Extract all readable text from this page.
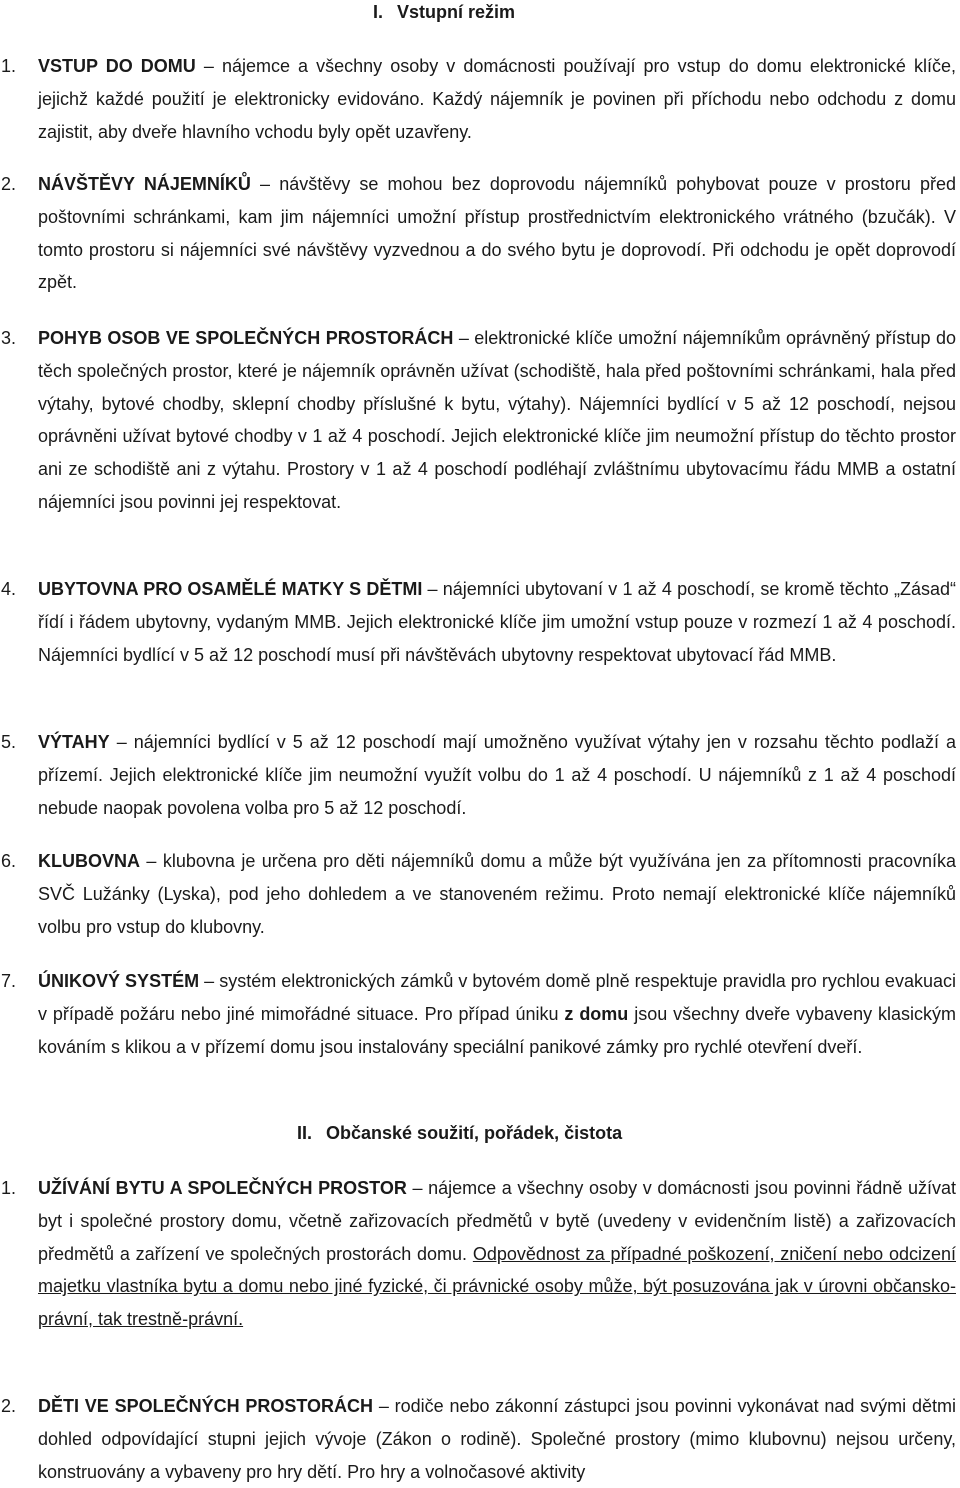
I. Vstupní režim
1. VSTUP DO DOMU – nájemce a všechny osoby v domácnosti používají pro vstup do domu elektronické klíče, jejichž každé použití je elektronicky evidováno. Každý nájemník je povinen při příchodu nebo odchodu z domu zajistit, aby dveře hlavního vchodu byly opět uzavřeny.
2. NÁVŠTĚVY NÁJEMNÍKŮ – návštěvy se mohou bez doprovodu nájemníků pohybovat pouze v prostoru před poštovními schránkami, kam jim nájemníci umožní přístup prostřednictvím elektronického vrátného (bzučák). V tomto prostoru si nájemníci své návštěvy vyzvednou a do svého bytu je doprovodí. Při odchodu je opět doprovodí zpět.
3. POHYB OSOB VE SPOLEČNÝCH PROSTORÁCH – elektronické klíče umožní nájemníkům oprávněný přístup do těch společných prostor, které je nájemník oprávněn užívat (schodiště, hala před poštovními schránkami, hala před výtahy, bytové chodby, sklepní chodby příslušné k bytu, výtahy). Nájemníci bydlící v 5 až 12 poschodí, nejsou oprávněni užívat bytové chodby v 1 až 4 poschodí. Jejich elektronické klíče jim neumožní přístup do těchto prostor ani ze schodiště ani z výtahu. Prostory v 1 až 4 poschodí podléhají zvláštnímu ubytovacímu řádu MMB a ostatní nájemníci jsou povinni jej respektovat.
4. UBYTOVNA PRO OSAMĚLÉ MATKY S DĚTMI – nájemníci ubytovaní v 1 až 4 poschodí, se kromě těchto „Zásad“ řídí i řádem ubytovny, vydaným MMB. Jejich elektronické klíče jim umožní vstup pouze v rozmezí 1 až 4 poschodí. Nájemníci bydlící v 5 až 12 poschodí musí při návštěvách ubytovny respektovat ubytovací řád MMB.
5. VÝTAHY – nájemníci bydlící v 5 až 12 poschodí mají umožněno využívat výtahy jen v rozsahu těchto podlaží a přízemí. Jejich elektronické klíče jim neumožní využít volbu do 1 až 4 poschodí. U nájemníků z 1 až 4 poschodí nebude naopak povolena volba pro 5 až 12 poschodí.
6. KLUBOVNA – klubovna je určena pro děti nájemníků domu a může být využívána jen za přítomnosti pracovníka SVČ Lužánky (Lyska), pod jeho dohledem a ve stanoveném režimu. Proto nemají elektronické klíče nájemníků volbu pro vstup do klubovny.
7. ÚNIKOVÝ SYSTÉM – systém elektronických zámků v bytovém domě plně respektuje pravidla pro rychlou evakuaci v případě požáru nebo jiné mimořádné situace. Pro případ úniku z domu jsou všechny dveře vybaveny klasickým kováním s klikou a v přízemí domu jsou instalovány speciální panikové zámky pro rychlé otevření dveří.
II. Občanské soužití, pořádek, čistota
1. UŽÍVÁNÍ BYTU A SPOLEČNÝCH PROSTOR – nájemce a všechny osoby v domácnosti jsou povinni řádně užívat byt i společné prostory domu, včetně zařizovacích předmětů v bytě (uvedeny v evidenčním listě) a zařizovacích předmětů a zařízení ve společných prostorách domu. Odpovědnost za případné poškození, zničení nebo odcizení majetku vlastníka bytu a domu nebo jiné fyzické, či právnické osoby může, být posuzována jak v úrovni občansko-právní, tak trestně-právní.
2. DĚTI VE SPOLEČNÝCH PROSTORÁCH – rodiče nebo zákonní zástupci jsou povinni vykonávat nad svými dětmi dohled odpovídající stupni jejich vývoje (Zákon o rodině). Společné prostory (mimo klubovnu) nejsou určeny, konstruovány a vybaveny pro hry dětí. Pro hry a volnočasové aktivity
